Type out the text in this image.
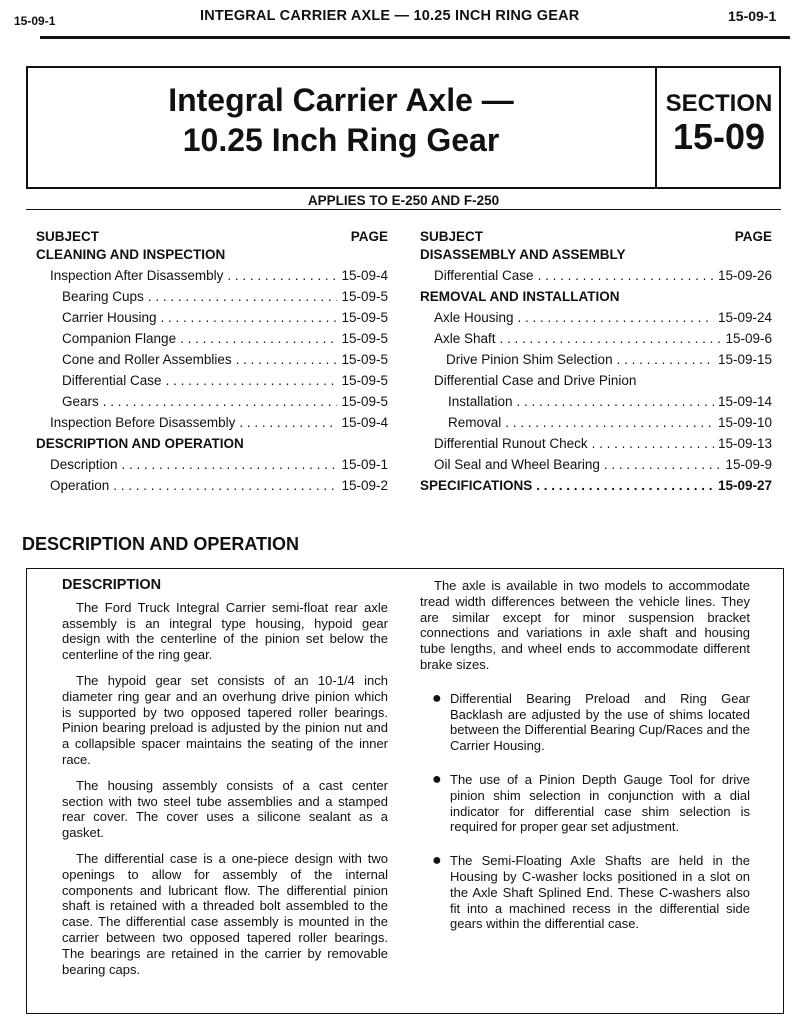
15-09-1	INTEGRAL CARRIER AXLE — 10.25 INCH RING GEAR	15-09-1
Integral Carrier Axle —
10.25 Inch Ring Gear
SECTION
15-09
APPLIES TO E-250 AND F-250
SUBJECT	PAGE
CLEANING AND INSPECTION
Inspection After Disassembly . . .	15-09-4
Bearing Cups . . .	15-09-5
Carrier Housing . . .	15-09-5
Companion Flange . . .	15-09-5
Cone and Roller Assemblies . . .	15-09-5
Differential Case . . .	15-09-5
Gears . . .	15-09-5
Inspection Before Disassembly . . .	15-09-4
DESCRIPTION AND OPERATION
Description . . .	15-09-1
Operation . . .	15-09-2
SUBJECT	PAGE
DISASSEMBLY AND ASSEMBLY
Differential Case . . .	15-09-26
REMOVAL AND INSTALLATION
Axle Housing . . .	15-09-24
Axle Shaft . . .	15-09-6
Drive Pinion Shim Selection . . .	15-09-15
Differential Case and Drive Pinion
Installation . . .	15-09-14
Removal . . .	15-09-10
Differential Runout Check . . .	15-09-13
Oil Seal and Wheel Bearing . . .	15-09-9
SPECIFICATIONS . . .	15-09-27
DESCRIPTION AND OPERATION
DESCRIPTION

The Ford Truck Integral Carrier semi-float rear axle assembly is an integral type housing, hypoid gear design with the centerline of the pinion set below the centerline of the ring gear.

The hypoid gear set consists of an 10-1/4 inch diameter ring gear and an overhung drive pinion which is supported by two opposed tapered roller bearings. Pinion bearing preload is adjusted by the pinion nut and a collapsible spacer maintains the seating of the inner race.

The housing assembly consists of a cast center section with two steel tube assemblies and a stamped rear cover. The cover uses a silicone sealant as a gasket.

The differential case is a one-piece design with two openings to allow for assembly of the internal components and lubricant flow. The differential pinion shaft is retained with a threaded bolt assembled to the case. The differential case assembly is mounted in the carrier between two opposed tapered roller bearings. The bearings are retained in the carrier by removable bearing caps.

The axle is available in two models to accommodate tread width differences between the vehicle lines. They are similar except for minor suspension bracket connections and variations in axle shaft and housing tube lengths, and wheel ends to accommodate different brake sizes.

● Differential Bearing Preload and Ring Gear Backlash are adjusted by the use of shims located between the Differential Bearing Cup/Races and the Carrier Housing.
● The use of a Pinion Depth Gauge Tool for drive pinion shim selection in conjunction with a dial indicator for differential case shim selection is required for proper gear set adjustment.
● The Semi-Floating Axle Shafts are held in the Housing by C-washer locks positioned in a slot on the Axle Shaft Splined End. These C-washers also fit into a machined recess in the differential side gears within the differential case.
